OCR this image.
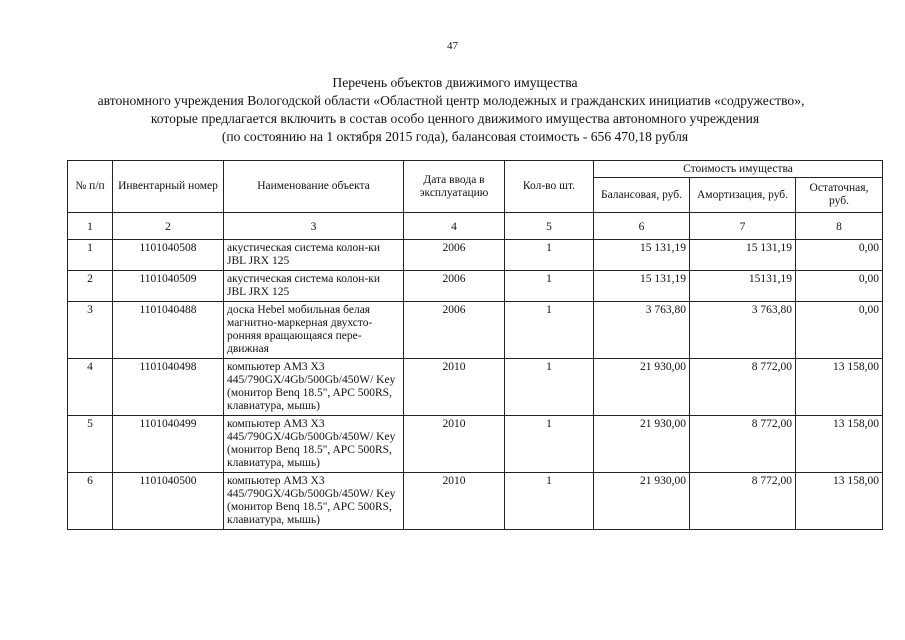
47
Перечень объектов движимого имущества
автономного учреждения Вологодской области «Областной центр молодежных и гражданских инициатив «содружество»,
которые предлагается включить в состав особо ценного движимого имущества автономного учреждения
(по состоянию на 1 октября 2015 года), балансовая стоимость - 656 470,18 рубля
№ п/п	Инвентарный номер	Наименование объекта	Дата ввода в эксплуатацию	Кол-во шт.	Стоимость имущества		
					Балансовая, руб.	Амортизация, руб.	Остаточная, руб.
1	2	3	4	5	6	7	8
1	1101040508	акустическая система колон-ки JBL JRX 125	2006	1	15 131,19	15 131,19	0,00
2	1101040509	акустическая система колон-ки JBL JRX 125	2006	1	15 131,19	15131,19	0,00
3	1101040488	доска Hebel мобильная белая магнитно-маркерная двухсто-ронняя вращающаяся пере-движная	2006	1	3 763,80	3 763,80	0,00
4	1101040498	компьютер AM3 X3 445/790GX/4Gb/500Gb/450W/ Key (монитор Benq 18.5", APC 500RS, клавиатура, мышь)	2010	1	21 930,00	8 772,00	13 158,00
5	1101040499	компьютер AM3 X3 445/790GX/4Gb/500Gb/450W/ Key (монитор Benq 18.5", APC 500RS, клавиатура, мышь)	2010	1	21 930,00	8 772,00	13 158,00
6	1101040500	компьютер AM3 X3 445/790GX/4Gb/500Gb/450W/ Key (монитор Benq 18.5", APC 500RS, клавиатура, мышь)	2010	1	21 930,00	8 772,00	13 158,00
